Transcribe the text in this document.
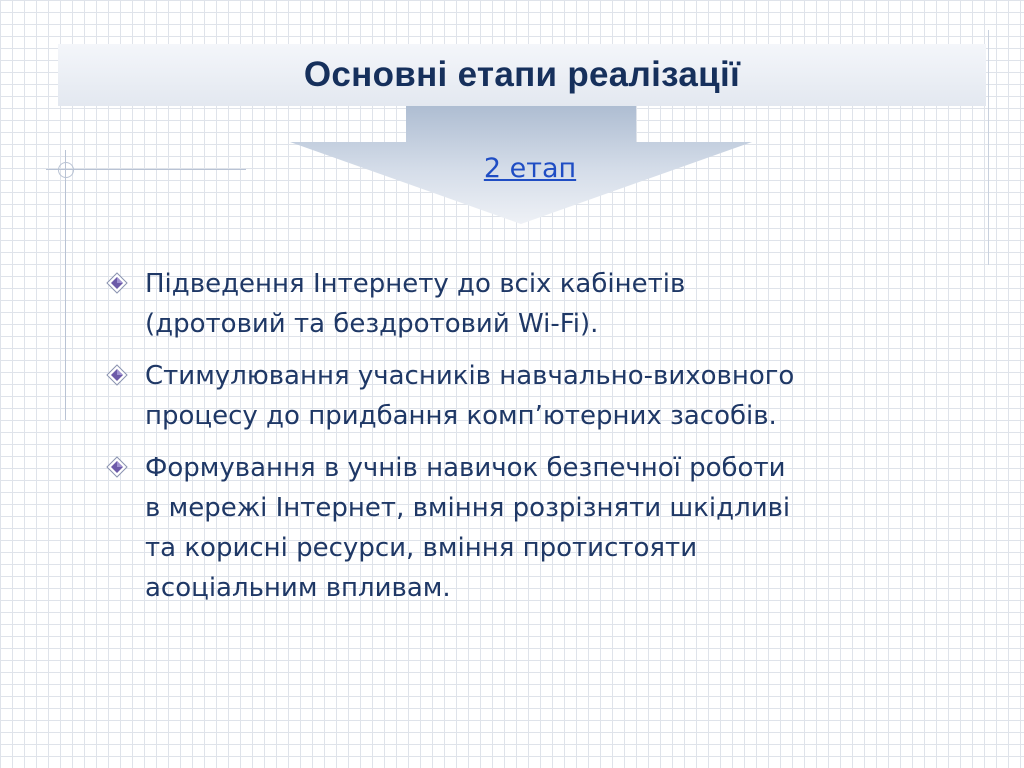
Основні етапи реалізації
2 етап
Підведення Інтернету до всіх кабінетів
(дротовий та бездротовий Wi-Fi).
Стимулювання учасників навчально-виховного
процесу до придбання комп’ютерних засобів.
Формування в учнів навичок безпечної роботи
в мережі Інтернет, вміння розрізняти шкідливі
та корисні ресурси, вміння протистояти
асоціальним впливам.
